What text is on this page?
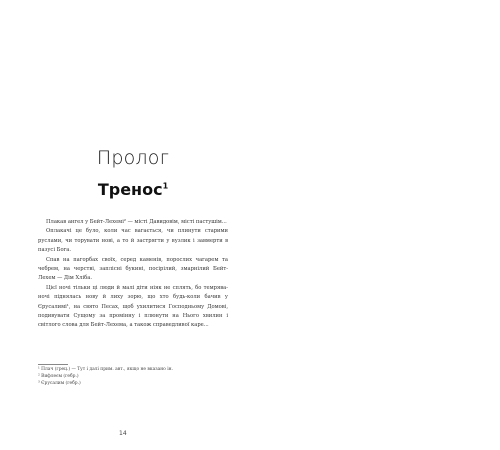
Пролог
Тренос$^1$

Плакав ангел у Бейт-Лехемі² — місті Давидовім, місті пастушім...

Оплакачі це було, коли час вагається, чи плинути старими руслами, чи торувати нові, а то й застрягти у вузлик і завмерти в пазусі Бога.

Спав на пагорбах своїх, серед каменів, порослих чагарем та чебрем, на черстві, заплісні букині, посірілий, змарнілий Бейт-Лехем — Дім Хліба.

Цієї ночі тільки ці люди й малі діти ніяк не сплять, бо темрява-ночі піднялась нову й лиху зорю, що хто будь-коли бачив у Єрусалимі¹, на свято Песах, щоб ухилитися Господньому Домові, подивувати Сущому за промінну і плюнути на Нього хвилин і світлого слова для Бейт-Лехема, а також справедливої каре...

¹ Плач (грец.) — Тут і далі прим. авт., якщо не вказано ін.
² Вифлеєм (гебр.)
³ Єрусалим (гебр.)
14
